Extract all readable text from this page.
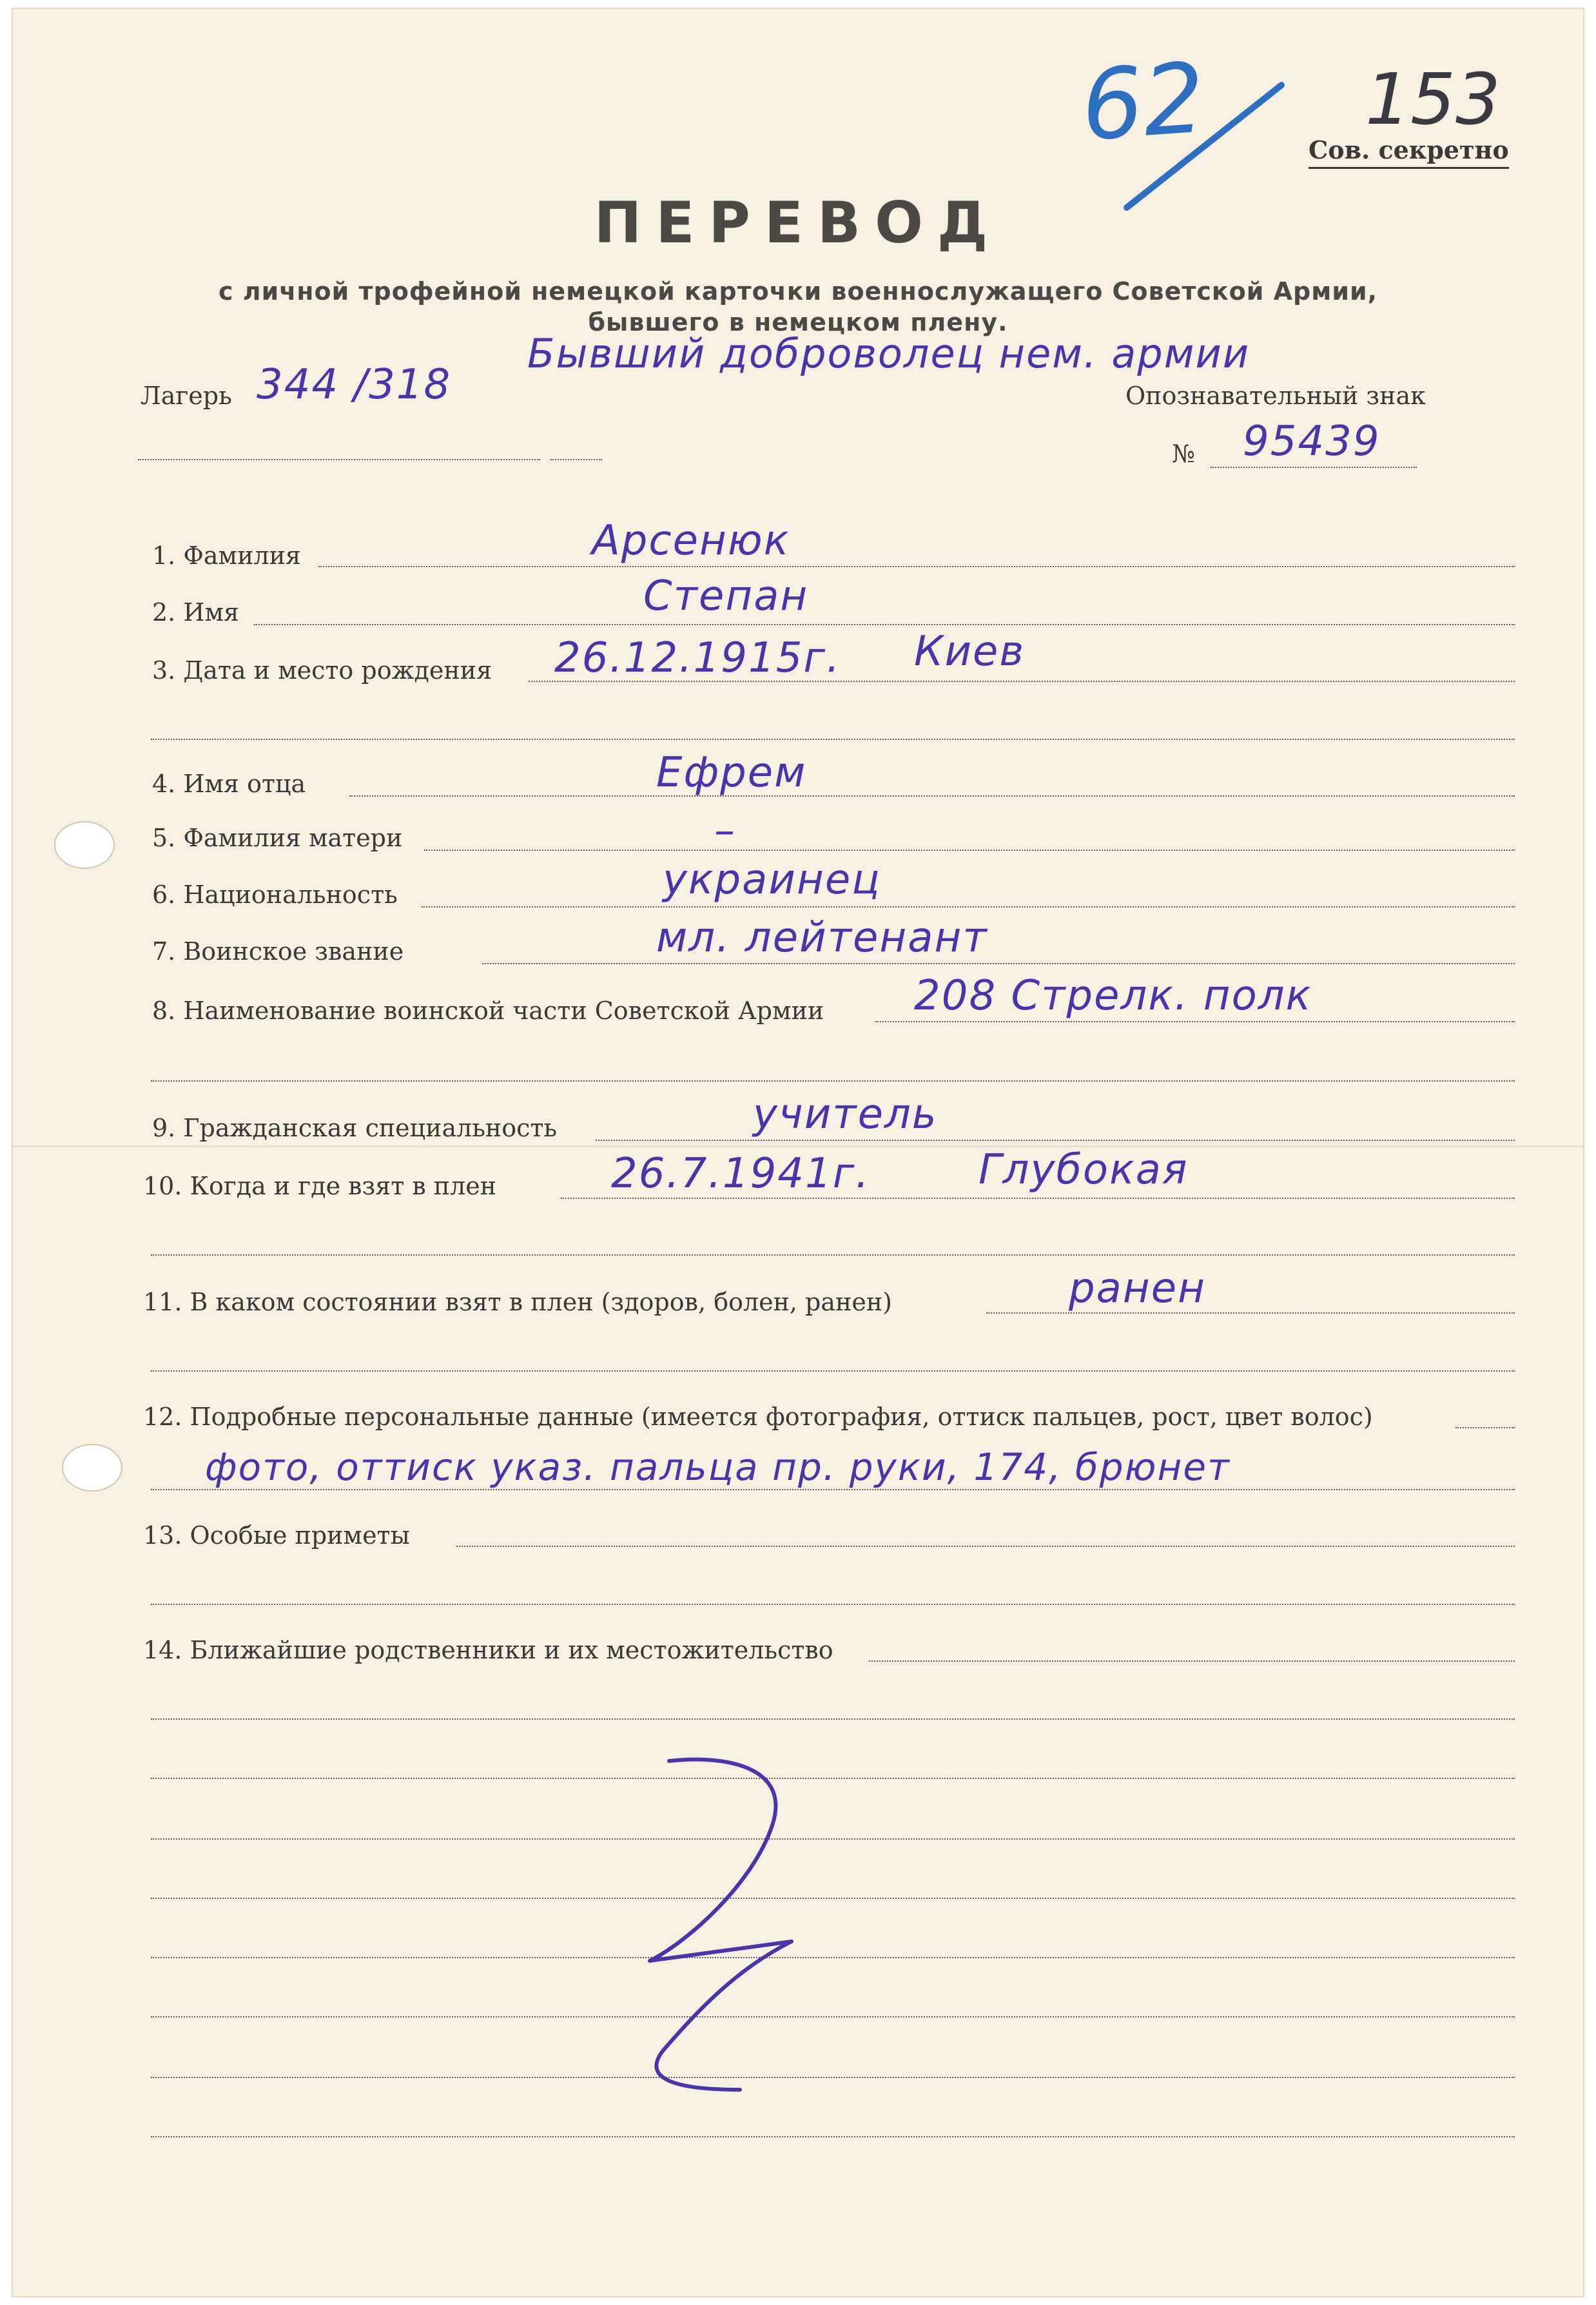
62 153
Сов. секретно
ПЕРЕВОД
с личной трофейной немецкой карточки военнослужащего Советской Армии,
бывшего в немецком плену.
Лагерь 344 /318
Бывший доброволец нем. армии
Опознавательный знак
№ 95439
1. Фамилия	Арсенюк
2. Имя	Степан
3. Дата и место рождения 26.12.1915г. Киев
4. Имя отца	Ефрем
5. Фамилия матери	–
6. Национальность	украинец
7. Воинское звание	мл. лейтенант
8. Наименование воинской части Советской Армии 208 Стрелк. полк
9. Гражданская специальность	учитель
10. Когда и где взят в плен	26.7.1941г.	Глубокая
11. В каком состоянии взят в плен (здоров, болен, ранен)	ранен
12. Подробные персональные данные (имеется фотография, оттиск пальцев, рост, цвет волос)
фото, оттиск указ. пальца пр. руки, 174, брюнет
13. Особые приметы
14. Ближайшие родственники и их местожительство
